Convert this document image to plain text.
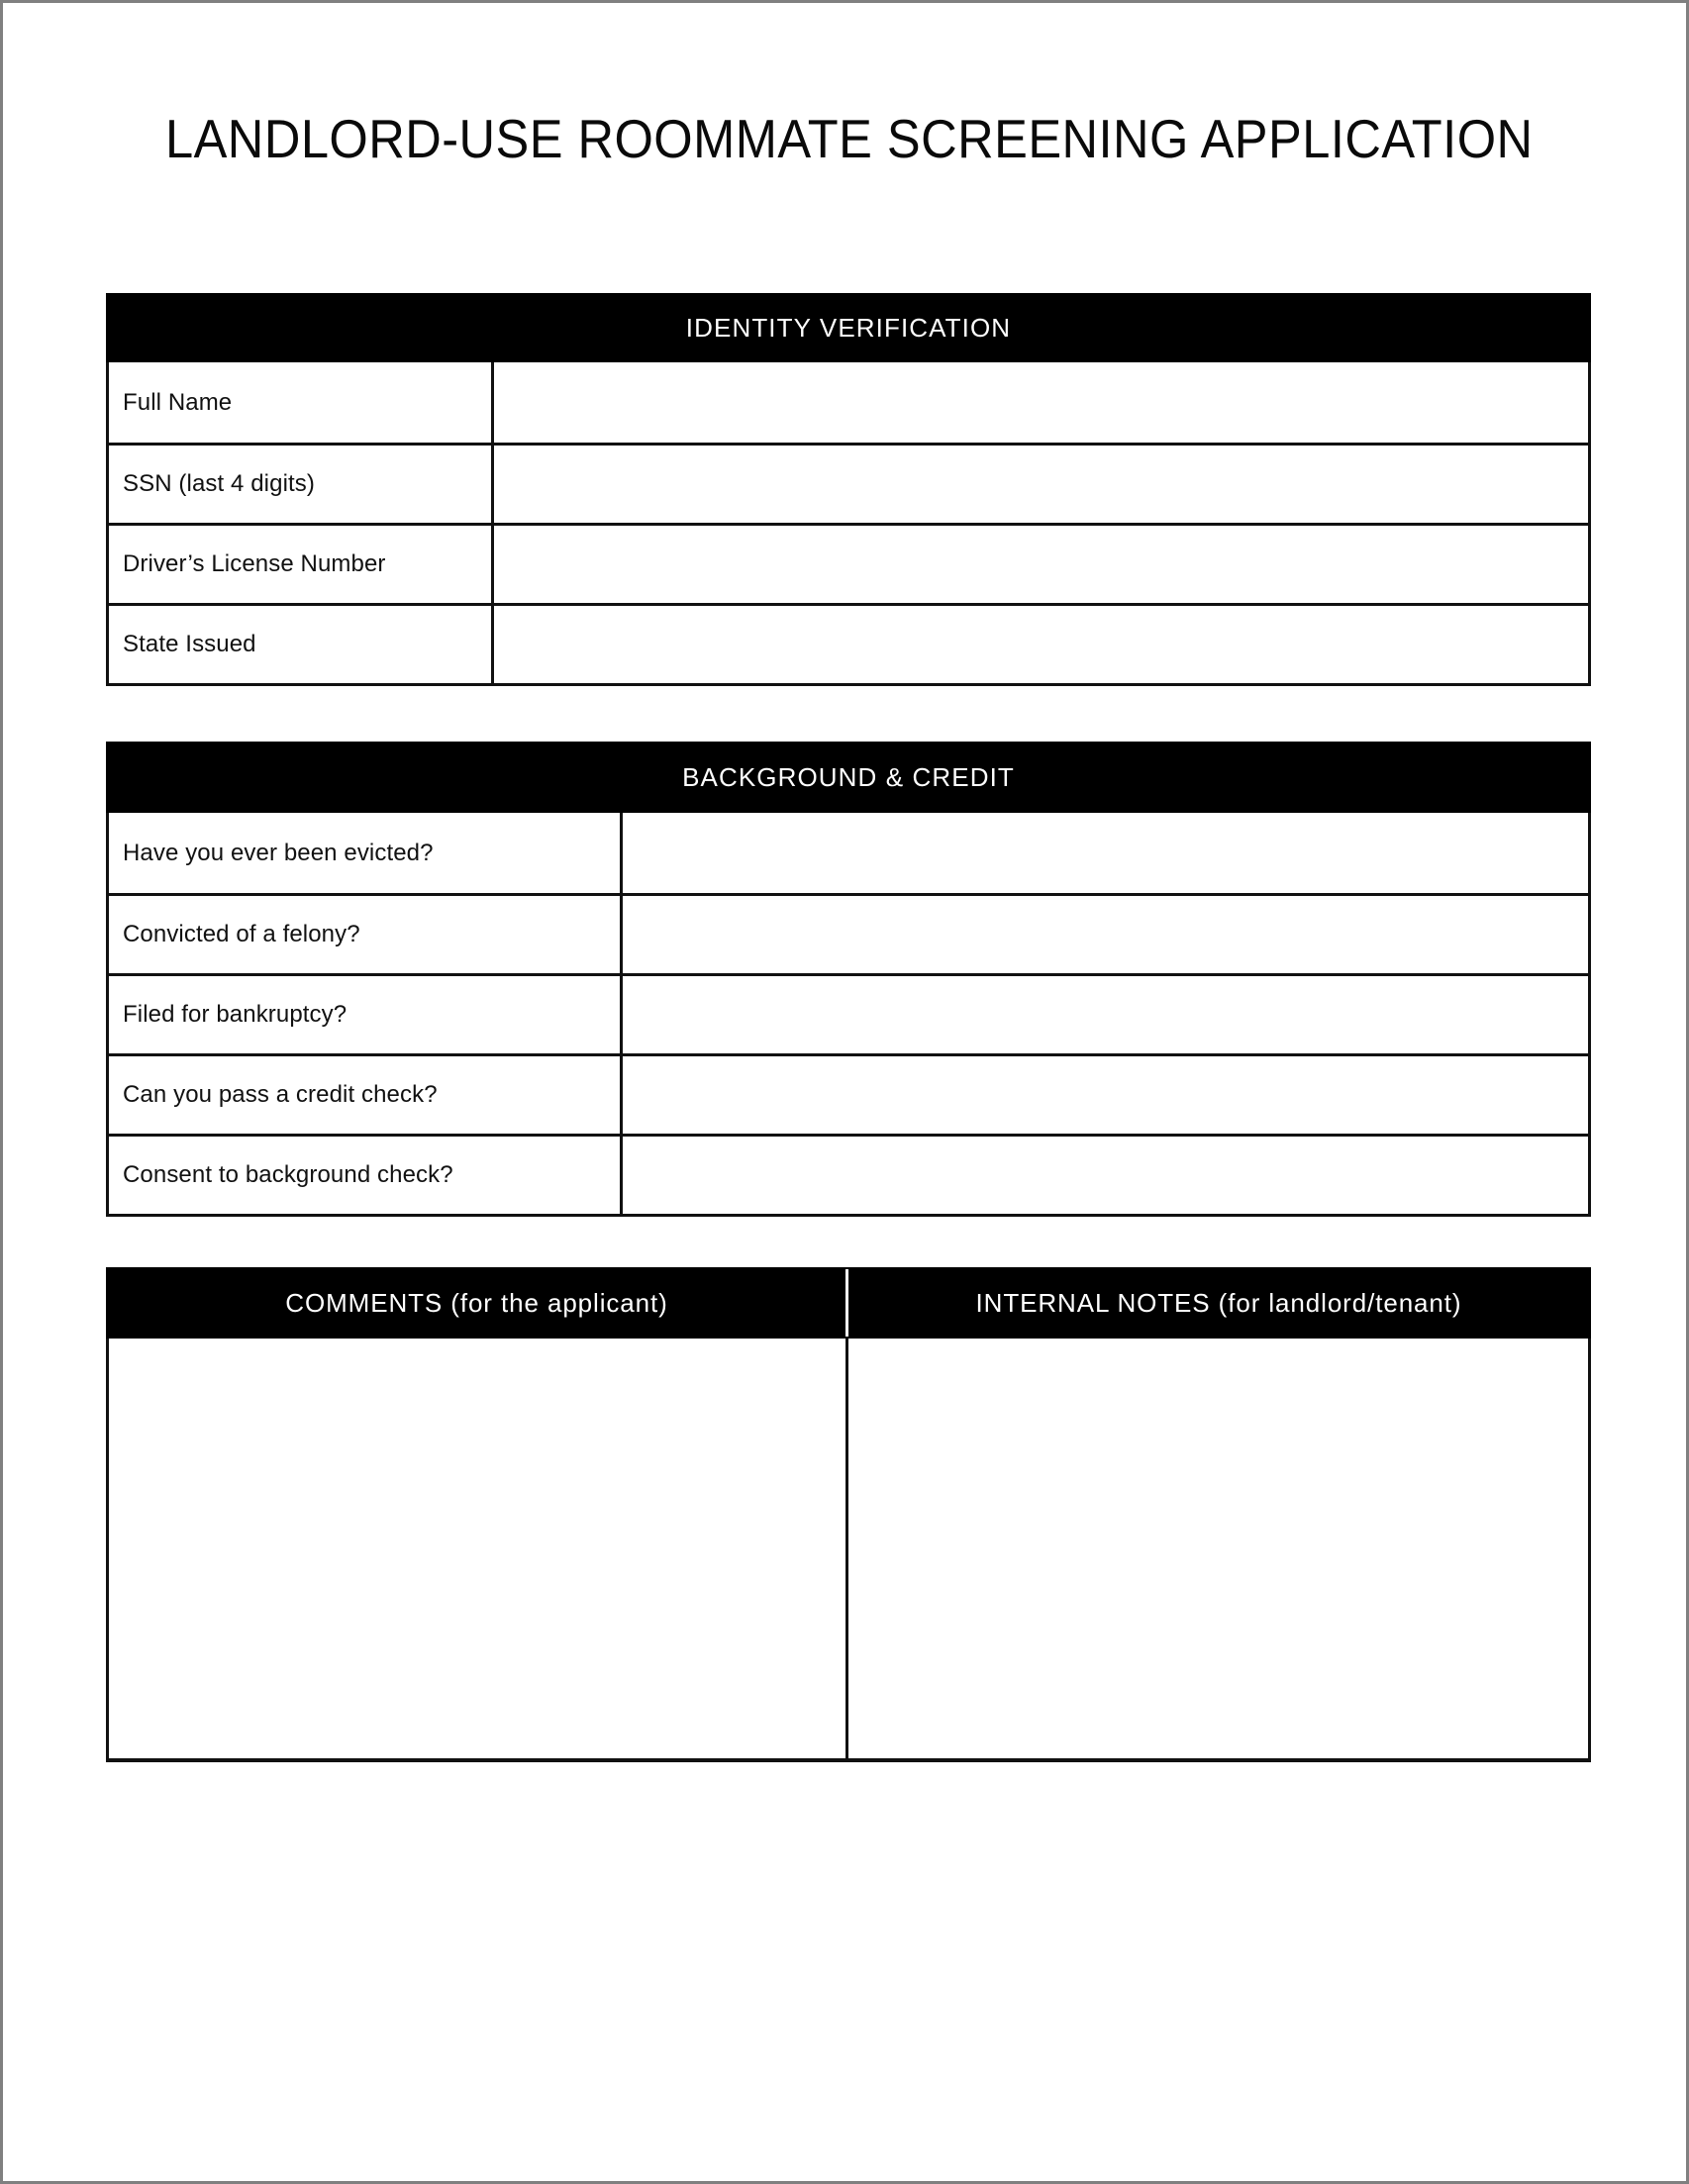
LANDLORD-USE ROOMMATE SCREENING APPLICATION
IDENTITY VERIFICATION
Full Name
SSN (last 4 digits)
Driver’s License Number
State Issued
BACKGROUND & CREDIT
Have you ever been evicted?
Convicted of a felony?
Filed for bankruptcy?
Can you pass a credit check?
Consent to background check?
COMMENTS (for the applicant)	INTERNAL NOTES (for landlord/tenant)
